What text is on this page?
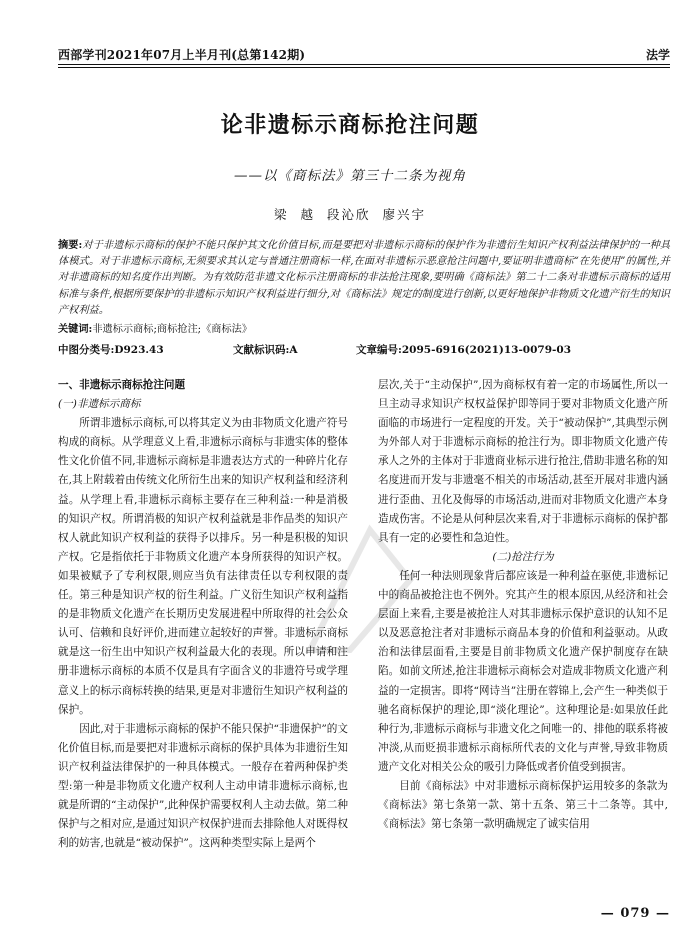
西部学刊2021年07月上半月刊(总第142期)	法学
论非遗标示商标抢注问题
——以《商标法》第三十二条为视角
梁 越 段沁欣 廖兴宇
摘要:对于非遗标示商标的保护不能只保护其文化价值目标,而是要把对非遗标示商标的保护作为非遗衍生知识产权利益法律保护的一种具体模式。对于非遗标示商标,无须要求其认定与普通注册商标一样,在面对非遗标示恶意抢注问题中,要证明非遗商标“在先使用”的属性,并对非遗商标的知名度作出判断。为有效防范非遗文化标示注册商标的非法抢注现象,要明确《商标法》第二十二条对非遗标示商标的适用标准与条件,根据所要保护的非遗标示知识产权利益进行细分,对《商标法》规定的制度进行创新,以更好地保护非物质文化遗产衍生的知识产权利益。
关键词:非遗标示商标;商标抢注;《商标法》
中图分类号:D923.43	文献标识码:A	文章编号:2095-6916(2021)13-0079-03

一、非遗标示商标抢注问题

(一)非遗标示商标

所谓非遗标示商标,可以将其定义为由非物质文化遗产符号构成的商标。从学理意义上看,非遗标示商标与非遗实体的整体性文化价值不同,非遗标示商标是非遗表达方式的一种碎片化存在,其上附载着由传统文化所衍生出来的知识产权利益和经济利益。从学理上看,非遗标示商标主要存在三种利益:一种是消极的知识产权。所谓消极的知识产权利益就是非作品类的知识产权人就此知识产权利益的获得予以排斥。另一种是积极的知识产权。它是指依托于非物质文化遗产本身所获得的知识产权。如果被赋予了专利权限,则应当负有法律责任以专利权限的责任。第三种是知识产权的衍生利益。广义衍生知识产权利益指的是非物质文化遗产在长期历史发展进程中所取得的社会公众认可、信赖和良好评价,进而建立起较好的声誉。非遗标示商标就是这一衍生出中知识产权利益最大化的表现。所以申请和注册非遗标示商标的本质不仅是具有字面含义的非遗符号或学理意义上的标示商标转换的结果,更是对非遗衍生知识产权利益的保护。

因此,对于非遗标示商标的保护不能只保护“非遗保护”的文化价值目标,而是要把对非遗标示商标的保护具体为非遗衍生知识产权利益法律保护的一种具体模式。一般存在着两种保护类型:第一种是非物质文化遗产权利人主动申请非遗标示商标,也就是所谓的“主动保护”,此种保护需要权利人主动去做。第二种保护与之相对应,是通过知识产权保护进而去排除他人对既得权利的妨害,也就是“被动保护”。这两种类型实际上是两个

层次,关于“主动保护”,因为商标权有着一定的市场属性,所以一旦主动寻求知识产权权益保护即等同于要对非物质文化遗产所面临的市场进行一定程度的开发。关于“被动保护”,其典型示例为外部人对于非遗标示商标的抢注行为。即非物质文化遗产传承人之外的主体对于非遗商业标示进行抢注,借助非遗名称的知名度进而开发与非遗毫不相关的市场活动,甚至开展对非遗内涵进行歪曲、丑化及侮辱的市场活动,进而对非物质文化遗产本身造成伤害。不论是从何种层次来看,对于非遗标示商标的保护都具有一定的必要性和急迫性。

(二)抢注行为

任何一种法则现象背后都应该是一种利益在驱使,非遗标记中的商品被抢注也不例外。究其产生的根本原因,从经济和社会层面上来看,主要是被抢注人对其非遗标示保护意识的认知不足以及恶意抢注者对非遗标示商品本身的价值和利益驱动。从政治和法律层面看,主要是目前非物质文化遗产保护制度存在缺陷。如前文所述,抢注非遗标示商标会对造成非物质文化遗产利益的一定损害。即将“网诗当”注册在蓉锦上,会产生一种类似于驰名商标保护的理论,即“淡化理论”。这种理论是:如果放任此种行为,非遗标示商标与非遗文化之间唯一的、排他的联系将被冲淡,从而贬损非遗标示商标所代表的文化与声誉,导致非物质遗产文化对相关公众的吸引力降低或者价值受到损害。

目前《商标法》中对非遗标示商标保护运用较多的条款为《商标法》第七条第一款、第十五条、第三十二条等。其中,《商标法》第七条第一款明确规定了诚实信用

— 079 —
